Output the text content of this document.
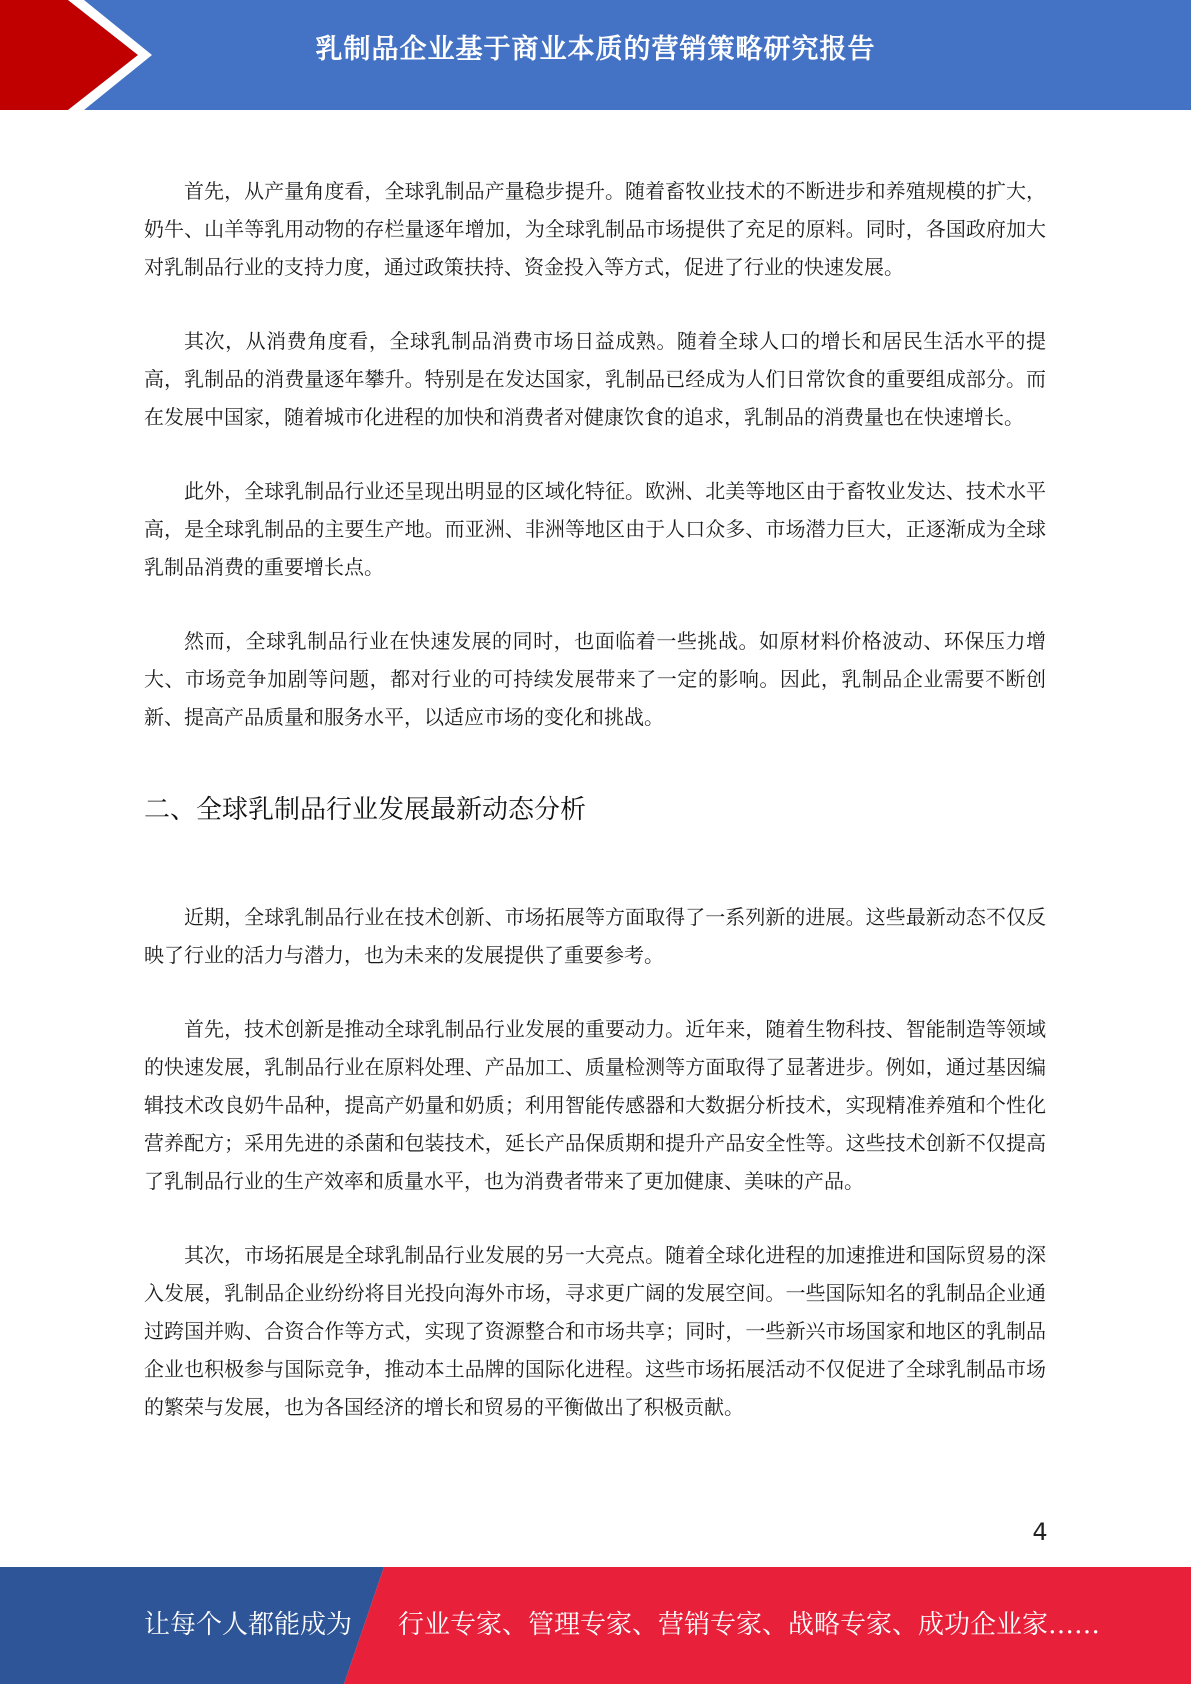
乳制品企业基于商业本质的营销策略研究报告

首先，从产量角度看，全球乳制品产量稳步提升。随着畜牧业技术的不断进步和养殖规模的扩大，奶牛、山羊等乳用动物的存栏量逐年增加，为全球乳制品市场提供了充足的原料。同时，各国政府加大对乳制品行业的支持力度，通过政策扶持、资金投入等方式，促进了行业的快速发展。

其次，从消费角度看，全球乳制品消费市场日益成熟。随着全球人口的增长和居民生活水平的提高，乳制品的消费量逐年攀升。特别是在发达国家，乳制品已经成为人们日常饮食的重要组成部分。而在发展中国家，随着城市化进程的加快和消费者对健康饮食的追求，乳制品的消费量也在快速增长。

此外，全球乳制品行业还呈现出明显的区域化特征。欧洲、北美等地区由于畜牧业发达、技术水平高，是全球乳制品的主要生产地。而亚洲、非洲等地区由于人口众多、市场潜力巨大，正逐渐成为全球乳制品消费的重要增长点。

然而，全球乳制品行业在快速发展的同时，也面临着一些挑战。如原材料价格波动、环保压力增大、市场竞争加剧等问题，都对行业的可持续发展带来了一定的影响。因此，乳制品企业需要不断创新、提高产品质量和服务水平，以适应市场的变化和挑战。

二、全球乳制品行业发展最新动态分析

近期，全球乳制品行业在技术创新、市场拓展等方面取得了一系列新的进展。这些最新动态不仅反映了行业的活力与潜力，也为未来的发展提供了重要参考。

首先，技术创新是推动全球乳制品行业发展的重要动力。近年来，随着生物科技、智能制造等领域的快速发展，乳制品行业在原料处理、产品加工、质量检测等方面取得了显著进步。例如，通过基因编辑技术改良奶牛品种，提高产奶量和奶质；利用智能传感器和大数据分析技术，实现精准养殖和个性化营养配方；采用先进的杀菌和包装技术，延长产品保质期和提升产品安全性等。这些技术创新不仅提高了乳制品行业的生产效率和质量水平，也为消费者带来了更加健康、美味的产品。

其次，市场拓展是全球乳制品行业发展的另一大亮点。随着全球化进程的加速推进和国际贸易的深入发展，乳制品企业纷纷将目光投向海外市场，寻求更广阔的发展空间。一些国际知名的乳制品企业通过跨国并购、合资合作等方式，实现了资源整合和市场共享；同时，一些新兴市场国家和地区的乳制品企业也积极参与国际竞争，推动本土品牌的国际化进程。这些市场拓展活动不仅促进了全球乳制品市场的繁荣与发展，也为各国经济的增长和贸易的平衡做出了积极贡献。

4
让每个人都能成为 行业专家、管理专家、营销专家、战略专家、成功企业家……
